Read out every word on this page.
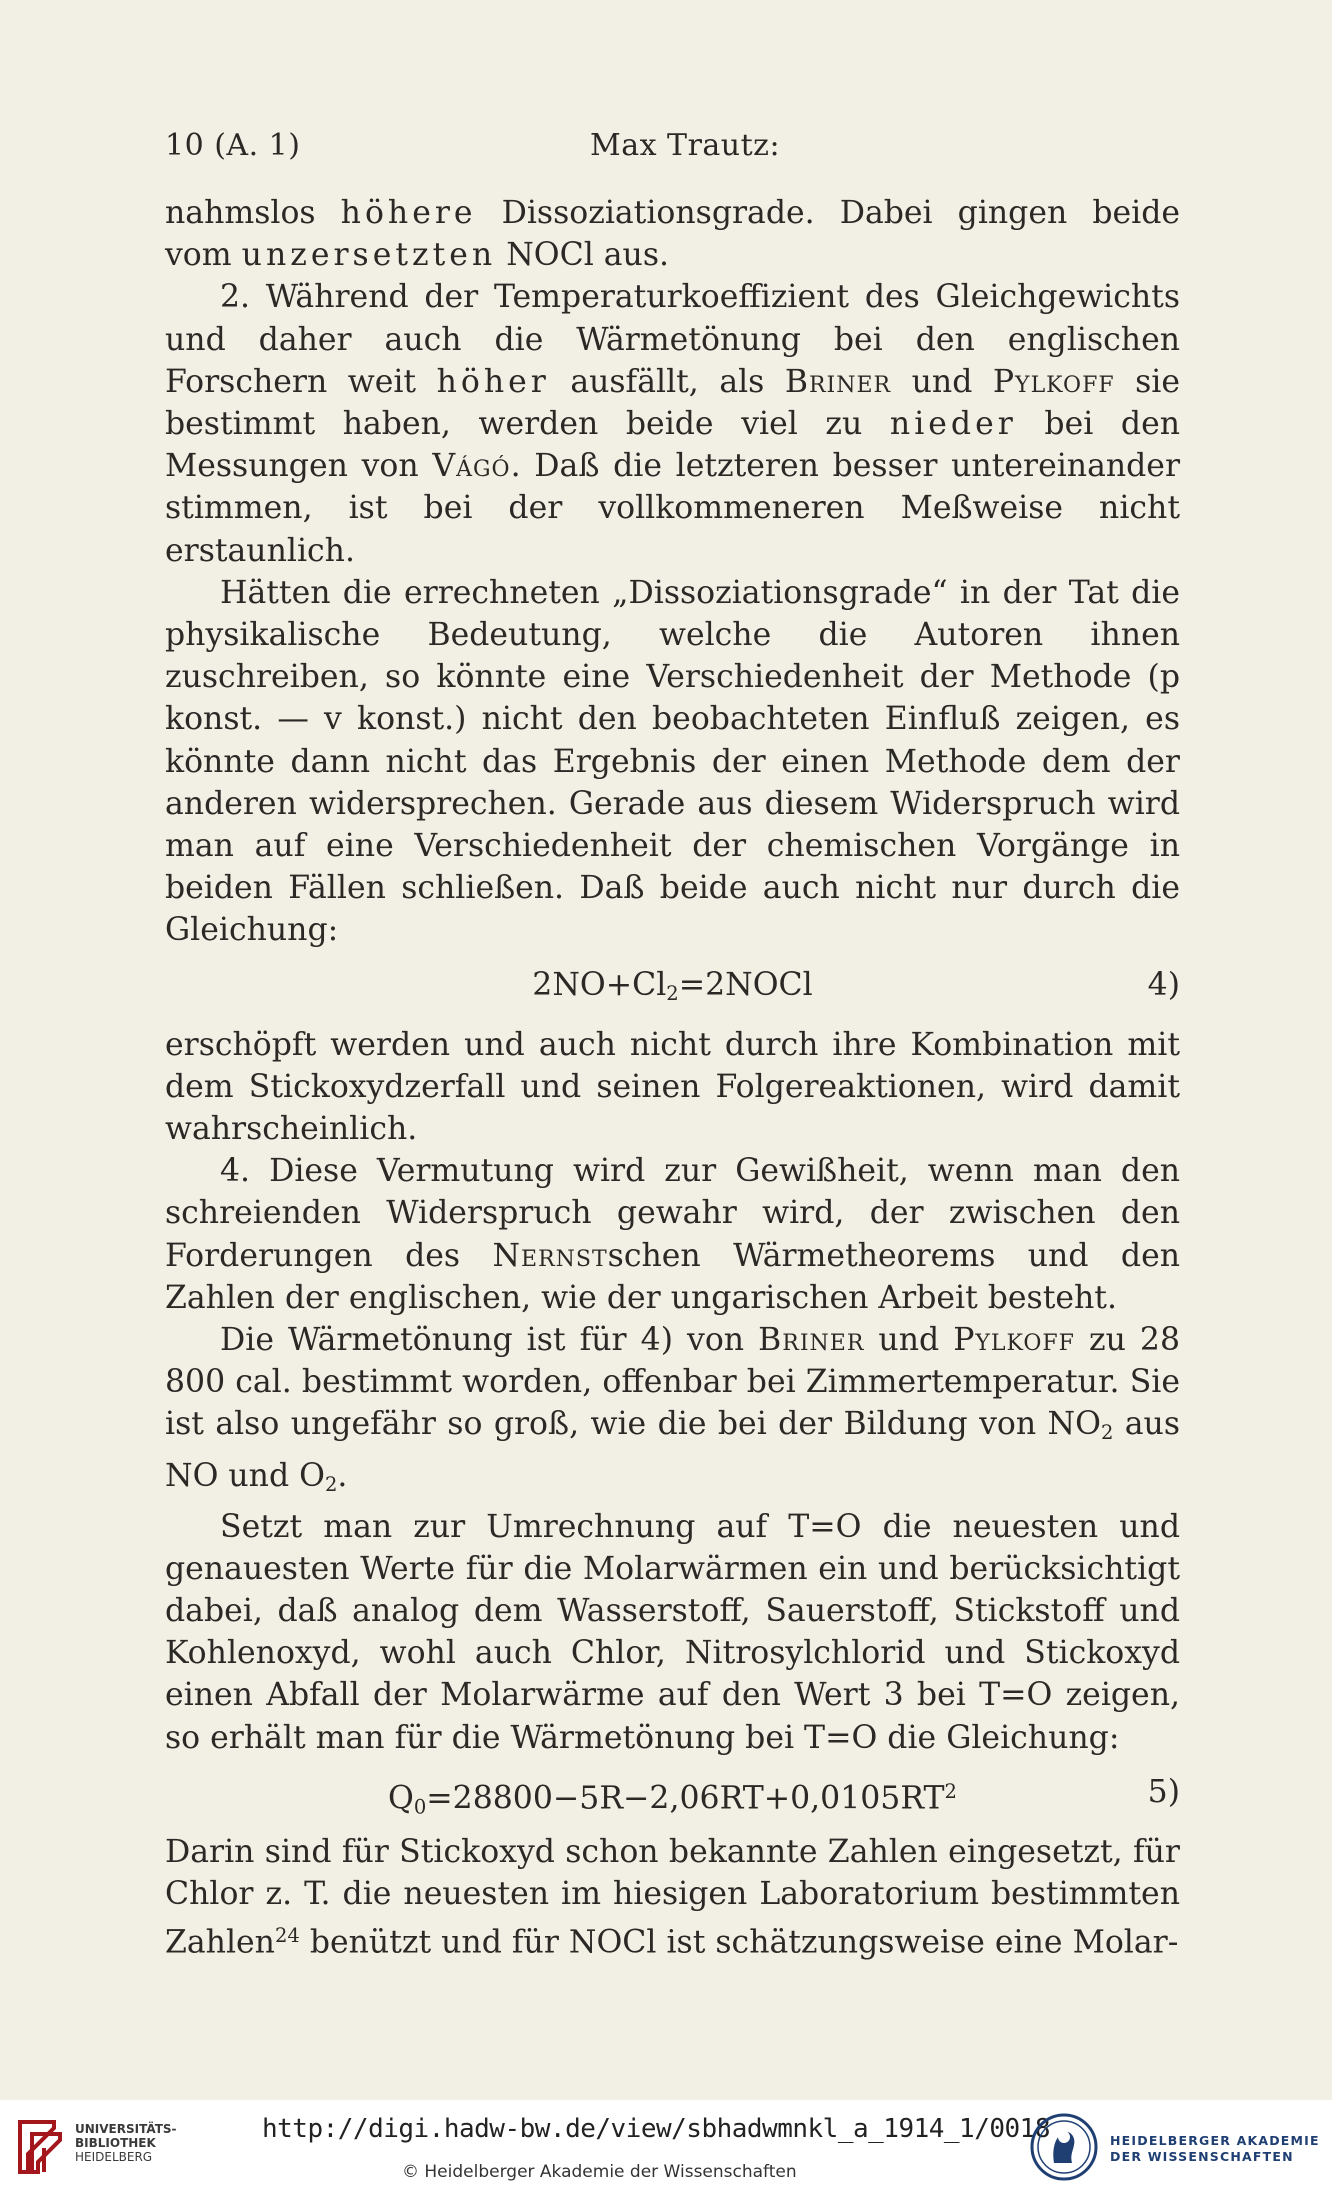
10 (A. 1)	Max Trautz:

nahmslos höhere Dissoziationsgrade. Dabei gingen beide vom unzersetzten NOCl aus.

2. Während der Temperaturkoeffizient des Gleichgewichts und daher auch die Wärmetönung bei den englischen Forschern weit höher ausfällt, als Briner und Pylkoff sie bestimmt haben, werden beide viel zu nieder bei den Messungen von Vágó. Daß die letzteren besser untereinander stimmen, ist bei der vollkommeneren Meßweise nicht erstaunlich.

Hätten die errechneten „Dissoziationsgrade“ in der Tat die physikalische Bedeutung, welche die Autoren ihnen zuschreiben, so könnte eine Verschiedenheit der Methode (p konst. — v konst.) nicht den beobachteten Einfluß zeigen, es könnte dann nicht das Ergebnis der einen Methode dem der anderen widersprechen. Gerade aus diesem Widerspruch wird man auf eine Verschiedenheit der chemischen Vorgänge in beiden Fällen schließen. Daß beide auch nicht nur durch die Gleichung:

$2NO+Cl_2=2NOCl$	4)

erschöpft werden und auch nicht durch ihre Kombination mit dem Stickoxydzerfall und seinen Folgereaktionen, wird damit wahrscheinlich.

4. Diese Vermutung wird zur Gewißheit, wenn man den schreienden Widerspruch gewahr wird, der zwischen den Forderungen des Nernstschen Wärmetheorems und den Zahlen der englischen, wie der ungarischen Arbeit besteht.

Die Wärmetönung ist für 4) von Briner und Pylkoff zu 28 800 cal. bestimmt worden, offenbar bei Zimmertemperatur. Sie ist also ungefähr so groß, wie die bei der Bildung von $NO_2$ aus NO und $O_2$.

Setzt man zur Umrechnung auf T=O die neuesten und genauesten Werte für die Molarwärmen ein und berücksichtigt dabei, daß analog dem Wasserstoff, Sauerstoff, Stickstoff und Kohlenoxyd, wohl auch Chlor, Nitrosylchlorid und Stickoxyd einen Abfall der Molarwärme auf den Wert 3 bei T=O zeigen, so erhält man für die Wärmetönung bei T=O die Gleichung:

$Q_0=28800-5R-2,06RT+0,0105RT^2$	5)

Darin sind für Stickoxyd schon bekannte Zahlen eingesetzt, für Chlor z. T. die neuesten im hiesigen Laboratorium bestimmten Zahlen$^{24}$ benützt und für NOCl ist schätzungsweise eine Molar-

UNIVERSITÄTS-
BIBLIOTHEK
HEIDELBERG
http://digi.hadw-bw.de/view/sbhadwmnkl_a_1914_1/0018
© Heidelberger Akademie der Wissenschaften
HEIDELBERGER AKADEMIE
DER WISSENSCHAFTEN
